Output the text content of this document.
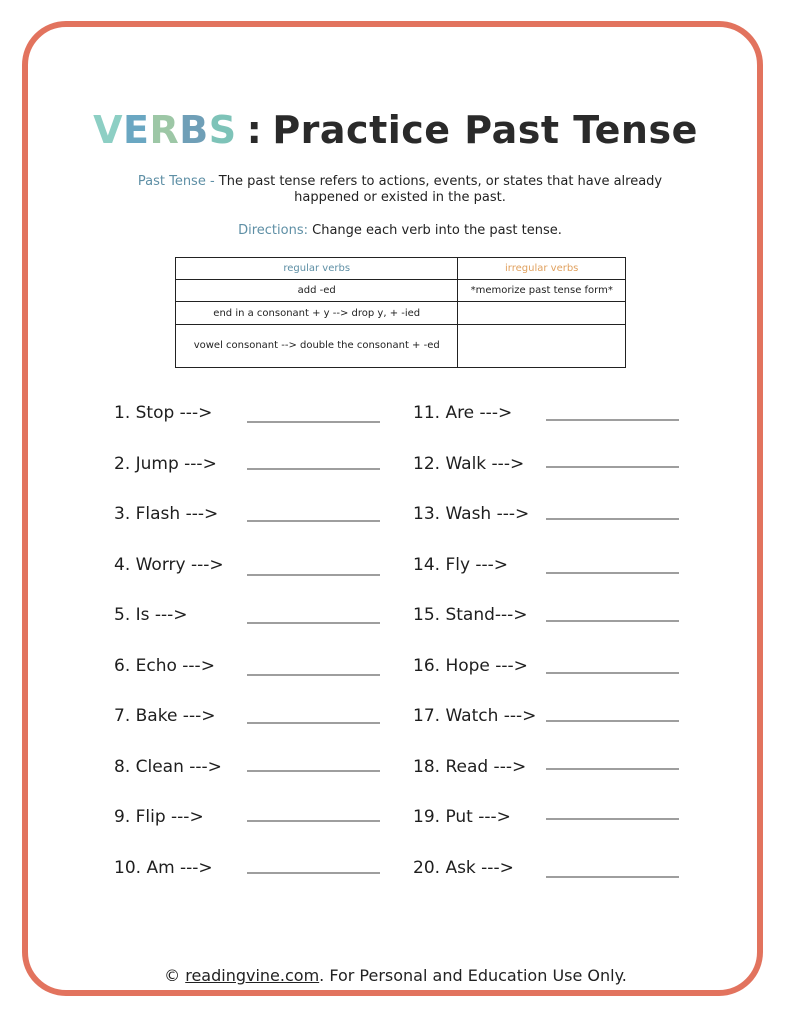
VERBS : Practice Past Tense
Past Tense - The past tense refers to actions, events, or states that have already happened or existed in the past.
Directions: Change each verb into the past tense.
regular verbs	irregular verbs
add -ed	*memorize past tense form*
end in a consonant + y --> drop y, + -ied	
vowel consonant --> double the consonant + -ed	
1. Stop --->
2. Jump --->
3. Flash --->
4. Worry --->
5. Is --->
6. Echo --->
7. Bake --->
8. Clean --->
9. Flip --->
10. Am --->
11. Are --->
12. Walk --->
13. Wash --->
14. Fly --->
15. Stand--->
16. Hope --->
17. Watch --->
18. Read --->
19. Put --->
20. Ask --->
© readingvine.com. For Personal and Education Use Only.
